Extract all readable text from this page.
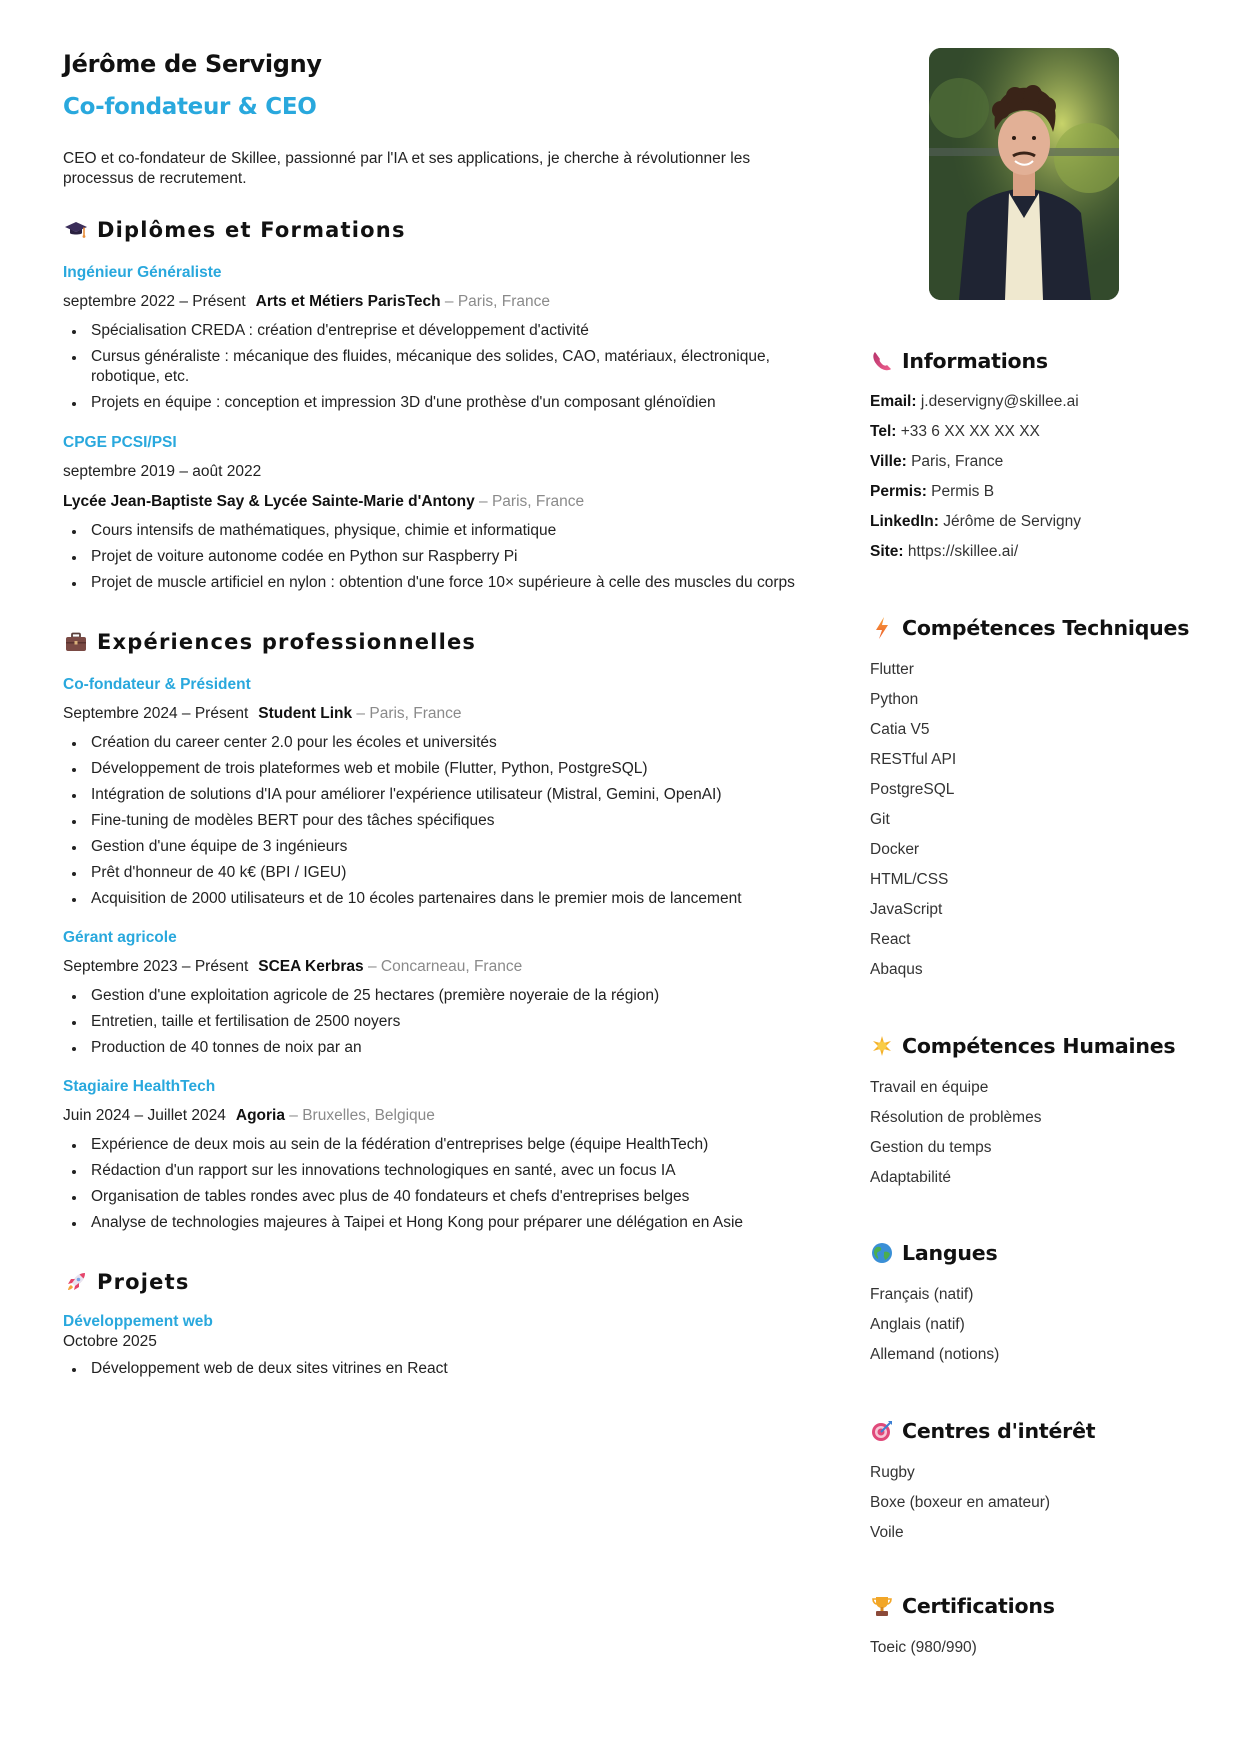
Jérôme de Servigny
Co-fondateur & CEO
CEO et co-fondateur de Skillee, passionné par l'IA et ses applications, je cherche à révolutionner les processus de recrutement.
Diplômes et Formations
Ingénieur Généraliste
septembre 2022 – Présent Arts et Métiers ParisTech – Paris, France
Spécialisation CREDA : création d'entreprise et développement d'activité
Cursus généraliste : mécanique des fluides, mécanique des solides, CAO, matériaux, électronique, robotique, etc.
Projets en équipe : conception et impression 3D d'une prothèse d'un composant glénoïdien
CPGE PCSI/PSI
septembre 2019 – août 2022
Lycée Jean-Baptiste Say & Lycée Sainte-Marie d'Antony – Paris, France
Cours intensifs de mathématiques, physique, chimie et informatique
Projet de voiture autonome codée en Python sur Raspberry Pi
Projet de muscle artificiel en nylon : obtention d'une force 10× supérieure à celle des muscles du corps
Expériences professionnelles
Co-fondateur & Président
Septembre 2024 – Présent Student Link – Paris, France
Création du career center 2.0 pour les écoles et universités
Développement de trois plateformes web et mobile (Flutter, Python, PostgreSQL)
Intégration de solutions d'IA pour améliorer l'expérience utilisateur (Mistral, Gemini, OpenAI)
Fine-tuning de modèles BERT pour des tâches spécifiques
Gestion d'une équipe de 3 ingénieurs
Prêt d'honneur de 40 k€ (BPI / IGEU)
Acquisition de 2000 utilisateurs et de 10 écoles partenaires dans le premier mois de lancement
Gérant agricole
Septembre 2023 – Présent SCEA Kerbras – Concarneau, France
Gestion d'une exploitation agricole de 25 hectares (première noyeraie de la région)
Entretien, taille et fertilisation de 2500 noyers
Production de 40 tonnes de noix par an
Stagiaire HealthTech
Juin 2024 – Juillet 2024 Agoria – Bruxelles, Belgique
Expérience de deux mois au sein de la fédération d'entreprises belge (équipe HealthTech)
Rédaction d'un rapport sur les innovations technologiques en santé, avec un focus IA
Organisation de tables rondes avec plus de 40 fondateurs et chefs d'entreprises belges
Analyse de technologies majeures à Taipei et Hong Kong pour préparer une délégation en Asie
Projets
Développement web
Octobre 2025
Développement web de deux sites vitrines en React
Informations
Email: j.deservigny@skillee.ai
Tel: +33 6 XX XX XX XX
Ville: Paris, France
Permis: Permis B
LinkedIn: Jérôme de Servigny
Site: https://skillee.ai/
Compétences Techniques
Flutter
Python
Catia V5
RESTful API
PostgreSQL
Git
Docker
HTML/CSS
JavaScript
React
Abaqus
Compétences Humaines
Travail en équipe
Résolution de problèmes
Gestion du temps
Adaptabilité
Langues
Français (natif)
Anglais (natif)
Allemand (notions)
Centres d'intérêt
Rugby
Boxe (boxeur en amateur)
Voile
Certifications
Toeic (980/990)
